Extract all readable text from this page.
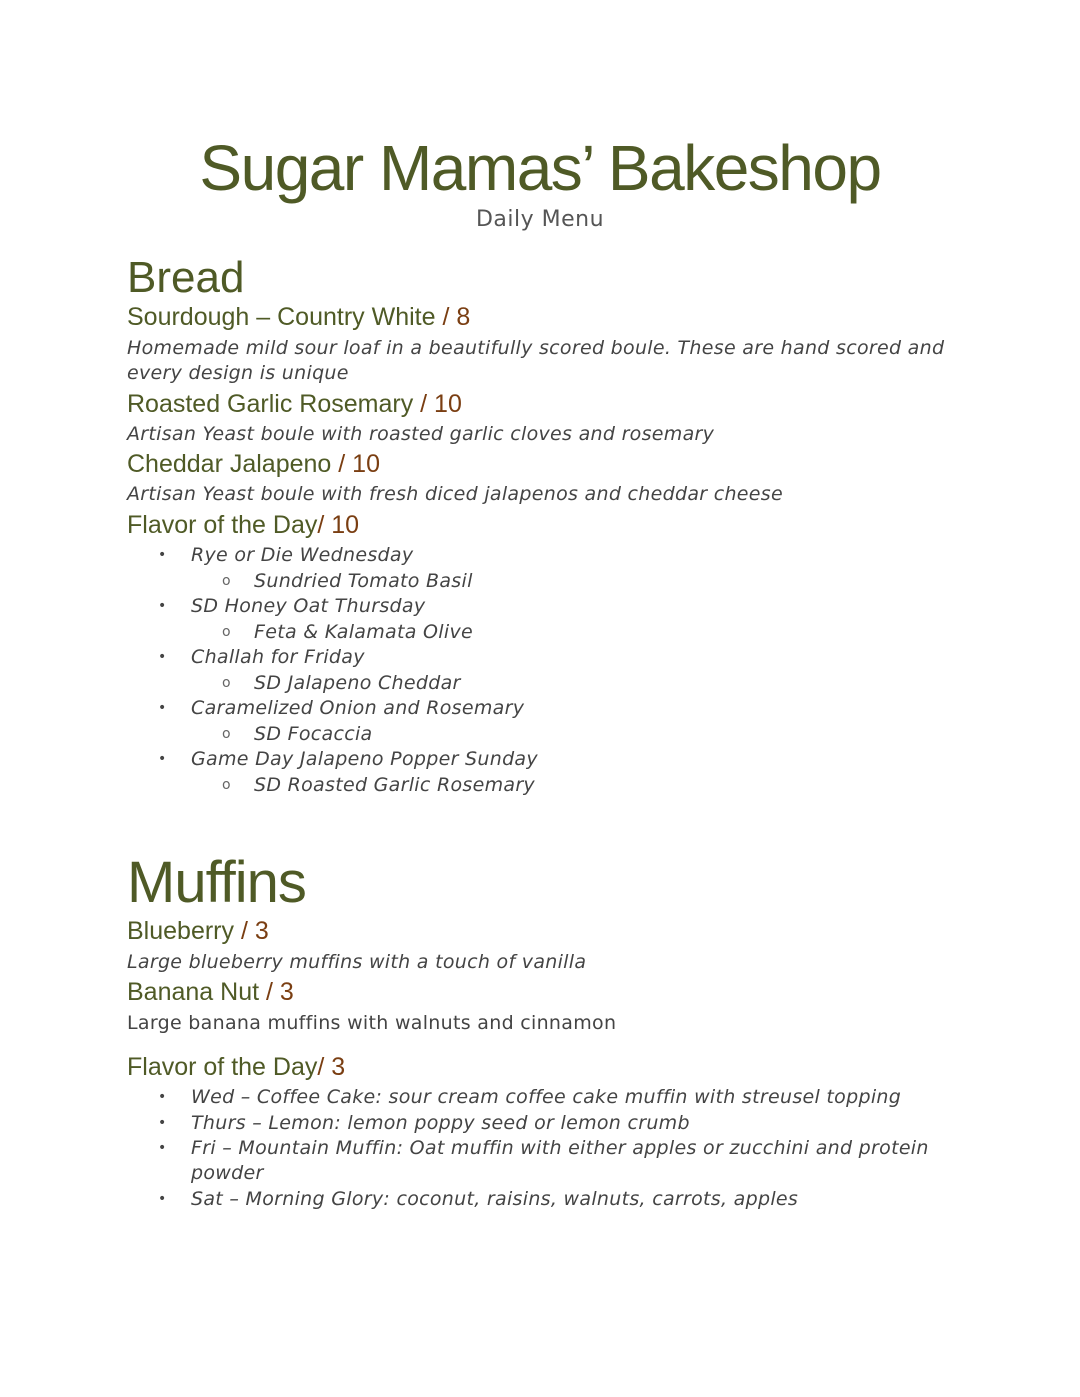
Sugar Mamas’ Bakeshop
Daily Menu
Bread
Sourdough – Country White / 8
Homemade mild sour loaf in a beautifully scored boule. These are hand scored and every design is unique
Roasted Garlic Rosemary / 10
Artisan Yeast boule with roasted garlic cloves and rosemary
Cheddar Jalapeno / 10
Artisan Yeast boule with fresh diced jalapenos and cheddar cheese
Flavor of the Day/ 10
• Rye or Die Wednesday
o Sundried Tomato Basil
• SD Honey Oat Thursday
o Feta & Kalamata Olive
• Challah for Friday
o SD Jalapeno Cheddar
• Caramelized Onion and Rosemary
o SD Focaccia
• Game Day Jalapeno Popper Sunday
o SD Roasted Garlic Rosemary
Muffins
Blueberry / 3
Large blueberry muffins with a touch of vanilla
Banana Nut / 3
Large banana muffins with walnuts and cinnamon
Flavor of the Day/ 3
• Wed – Coffee Cake: sour cream coffee cake muffin with streusel topping
• Thurs – Lemon: lemon poppy seed or lemon crumb
• Fri – Mountain Muffin: Oat muffin with either apples or zucchini and protein powder
• Sat – Morning Glory: coconut, raisins, walnuts, carrots, apples
